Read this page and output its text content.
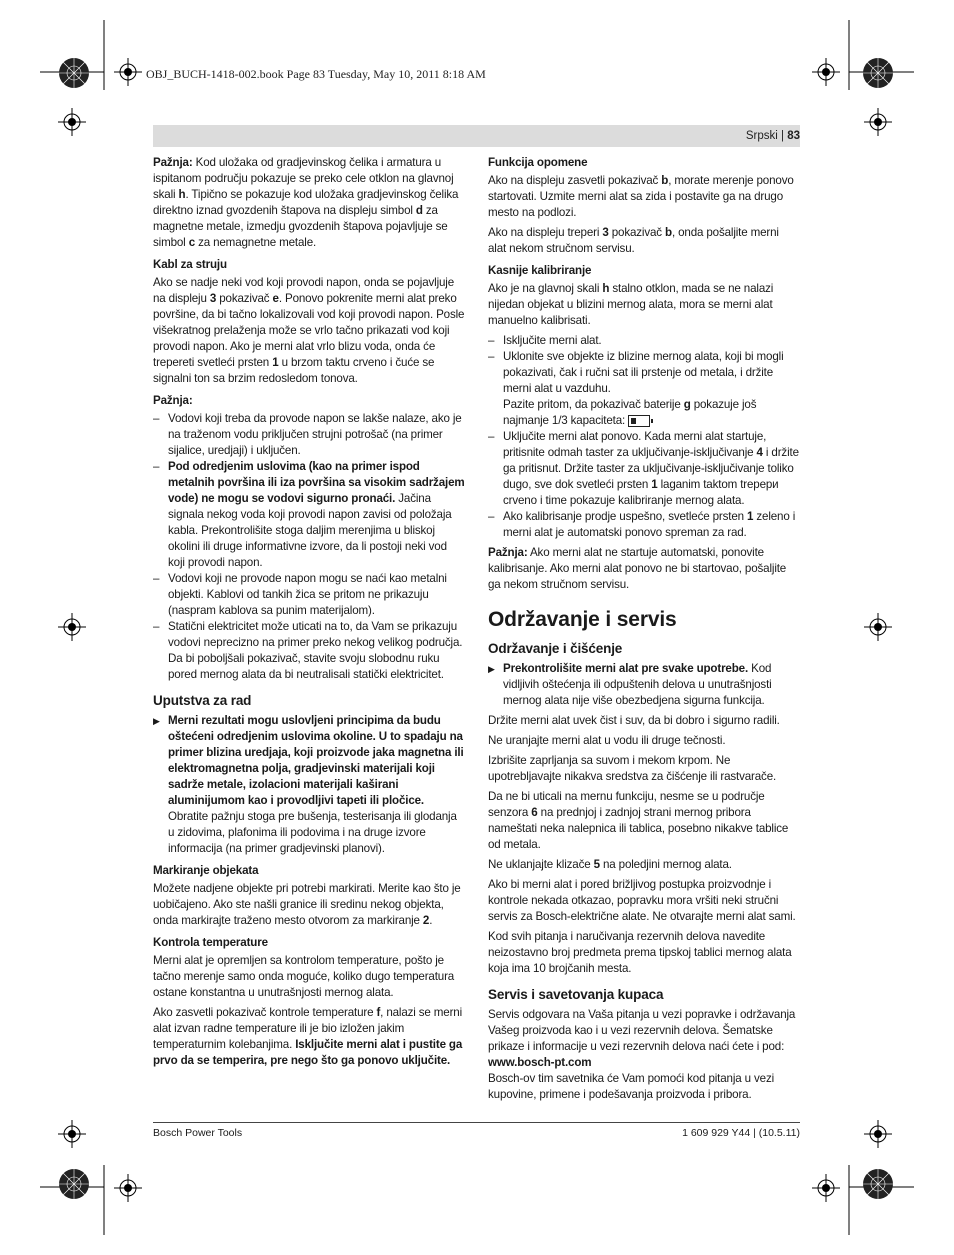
OBJ_BUCH-1418-002.book Page 83 Tuesday, May 10, 2011 8:18 AM
Srpski | 83

Pažnja: Kod uložaka od gradjevinskog čelika i armatura u ispitanom području pokazuje se preko cele otklon na glavnoj skali h. Tipično se pokazuje kod uložaka gradjevinskog čelika direktno iznad gvozdenih štapova na displeju simbol d za magnetne metale, izmedju gvozdenih štapova pojavljuje se simbol c za nemagnetne metale.

Kabl za struju

Ako se nadje neki vod koji provodi napon, onda se pojavljuje na displeju 3 pokazivač e. Ponovo pokrenite merni alat preko površine, da bi tačno lokalizovali vod koji provodi napon. Posle višekratnog prelaženja može se vrlo tačno prikazati vod koji provodi napon. Ako je merni alat vrlo blizu voda, onda će trepereti svetleći prsten 1 u brzom taktu crveno i čuće se signalni ton sa brzim redosledom tonova.

Pažnja:
– Vodovi koji treba da provode napon se lakše nalaze, ako je na traženom vodu priključen strujni potrošač (na primer sijalice, uredjaji) i uključen.
– Pod odredjenim uslovima (kao na primer ispod metalnih površina ili iza površina sa visokim sadržajem vode) ne mogu se vodovi sigurno pronaći. Jačina signala nekog voda koji provodi napon zavisi od položaja kabla. Prekontrolišite stoga daljim merenjima u bliskoj okolini ili druge informativne izvore, da li postoji neki vod koji provodi napon.
– Vodovi koji ne provode napon mogu se naći kao metalni objekti. Kablovi od tankih žica se pritom ne prikazuju (naspram kablova sa punim materijalom).
– Statični elektricitet može uticati na to, da Vam se prikazuju vodovi neprecizno na primer preko nekog velikog područja. Da bi poboljšali pokazivač, stavite svoju slobodnu ruku pored mernog alata da bi neutralisali statički elektricitet.
Uputstva za rad
▶ Merni rezultati mogu uslovljeni principima da budu oštećeni odredjenim uslovima okoline. U to spadaju na primer blizina uredjaja, koji proizvode jaka magnetna ili elektromagnetna polja, gradjevinski materijali koji sadrže metale, izolacioni materijali kaširani aluminijumom kao i provodljivi tapeti ili pločice.
Obratite pažnju stoga pre bušenja, testerisanja ili glodanja u zidovima, plafonima ili podovima i na druge izvore informacija (na primer gradjevinski planovi).
Markiranje objekata

Možete nadjene objekte pri potrebi markirati. Merite kao što je uobičajeno. Ako ste našli granice ili sredinu nekog objekta, onda markirajte traženo mesto otvorom za markiranje 2.

Kontrola temperature

Merni alat je opremljen sa kontrolom temperature, pošto je tačno merenje samo onda moguće, koliko dugo temperatura ostane konstantna u unutrašnjosti mernog alata.

Ako zasvetli pokazivač kontrole temperature f, nalazi se merni alat izvan radne temperature ili je bio izložen jakim temperaturnim kolebanjima. Isključite merni alat i pustite ga prvo da se temperira, pre nego što ga ponovo uključite.

Funkcija opomene

Ako na displeju zasvetli pokazivač b, morate merenje ponovo startovati. Uzmite merni alat sa zida i postavite ga na drugo mesto na podlozi.

Ako na displeju treperi 3 pokazivač b, onda pošaljite merni alat nekom stručnom servisu.

Kasnije kalibriranje

Ako je na glavnoj skali h stalno otklon, mada se ne nalazi nijedan objekat u blizini mernog alata, mora se merni alat manuelno kalibrisati.

– Isključite merni alat.
– Uklonite sve objekte iz blizine mernog alata, koji bi mogli pokazivati, čak i ručni sat ili prstenje od metala, i držite merni alat u vazduhu.
Pazite pritom, da pokazivač baterije g pokazuje još najmanje 1/3 kapaciteta:
– Uključite merni alat ponovo. Kada merni alat startuje, pritisnite odmah taster za uključivanje-isključivanje 4 i držite ga pritisnut. Držite taster za uključivanje-isključivanje toliko dugo, sve dok svetleći prsten 1 laganim taktom trepери crveno i time pokazuje kalibriranje mernog alata.
– Ako kalibrisanje prodje uspešno, svetleće prsten 1 zeleno i merni alat je automatski ponovo spreman za rad.

Pažnja: Ako merni alat ne startuje automatski, ponovite kalibrisanje. Ako merni alat ponovo ne bi startovao, pošaljite ga nekom stručnom servisu.

Održavanje i servis
Održavanje i čišćenje
▶ Prekontrolišite merni alat pre svake upotrebe. Kod vidljivih oštećenja ili odpuštenih delova u unutrašnjosti mernog alata nije više obezbedjena sigurna funkcija.

Držite merni alat uvek čist i suv, da bi dobro i sigurno radili.

Ne uranjajte merni alat u vodu ili druge tečnosti.

Izbrišite zaprljanja sa suvom i mekom krpom. Ne upotrebljavajte nikakva sredstva za čišćenje ili rastvarače.

Da ne bi uticali na mernu funkciju, nesme se u područje senzora 6 na prednjoj i zadnjoj strani mernog pribora nameštati neka nalepnica ili tablica, posebno nikakve tablice od metala.

Ne uklanjajte klizače 5 na poledjini mernog alata.

Ako bi merni alat i pored brižljivog postupka proizvodnje i kontrole nekada otkazao, popravku mora vršiti neki stručni servis za Bosch-električne alate. Ne otvarajte merni alat sami.

Kod svih pitanja i naručivanja rezervnih delova navedite neizostavno broj predmeta prema tipskoj tablici mernog alata koja ima 10 brojčanih mesta.

Servis i savetovanja kupaca

Servis odgovara na Vaša pitanja u vezi popravke i održavanja Vašeg proizvoda kao i u vezi rezervnih delova. Šematske prikaze i informacije u vezi rezervnih delova naći ćete i pod:

www.bosch-pt.com

Bosch-ov tim savetnika će Vam pomoći kod pitanja u vezi kupovine, primene i podešavanja proizvoda i pribora.

Bosch Power Tools	1 609 929 Y44 | (10.5.11)
